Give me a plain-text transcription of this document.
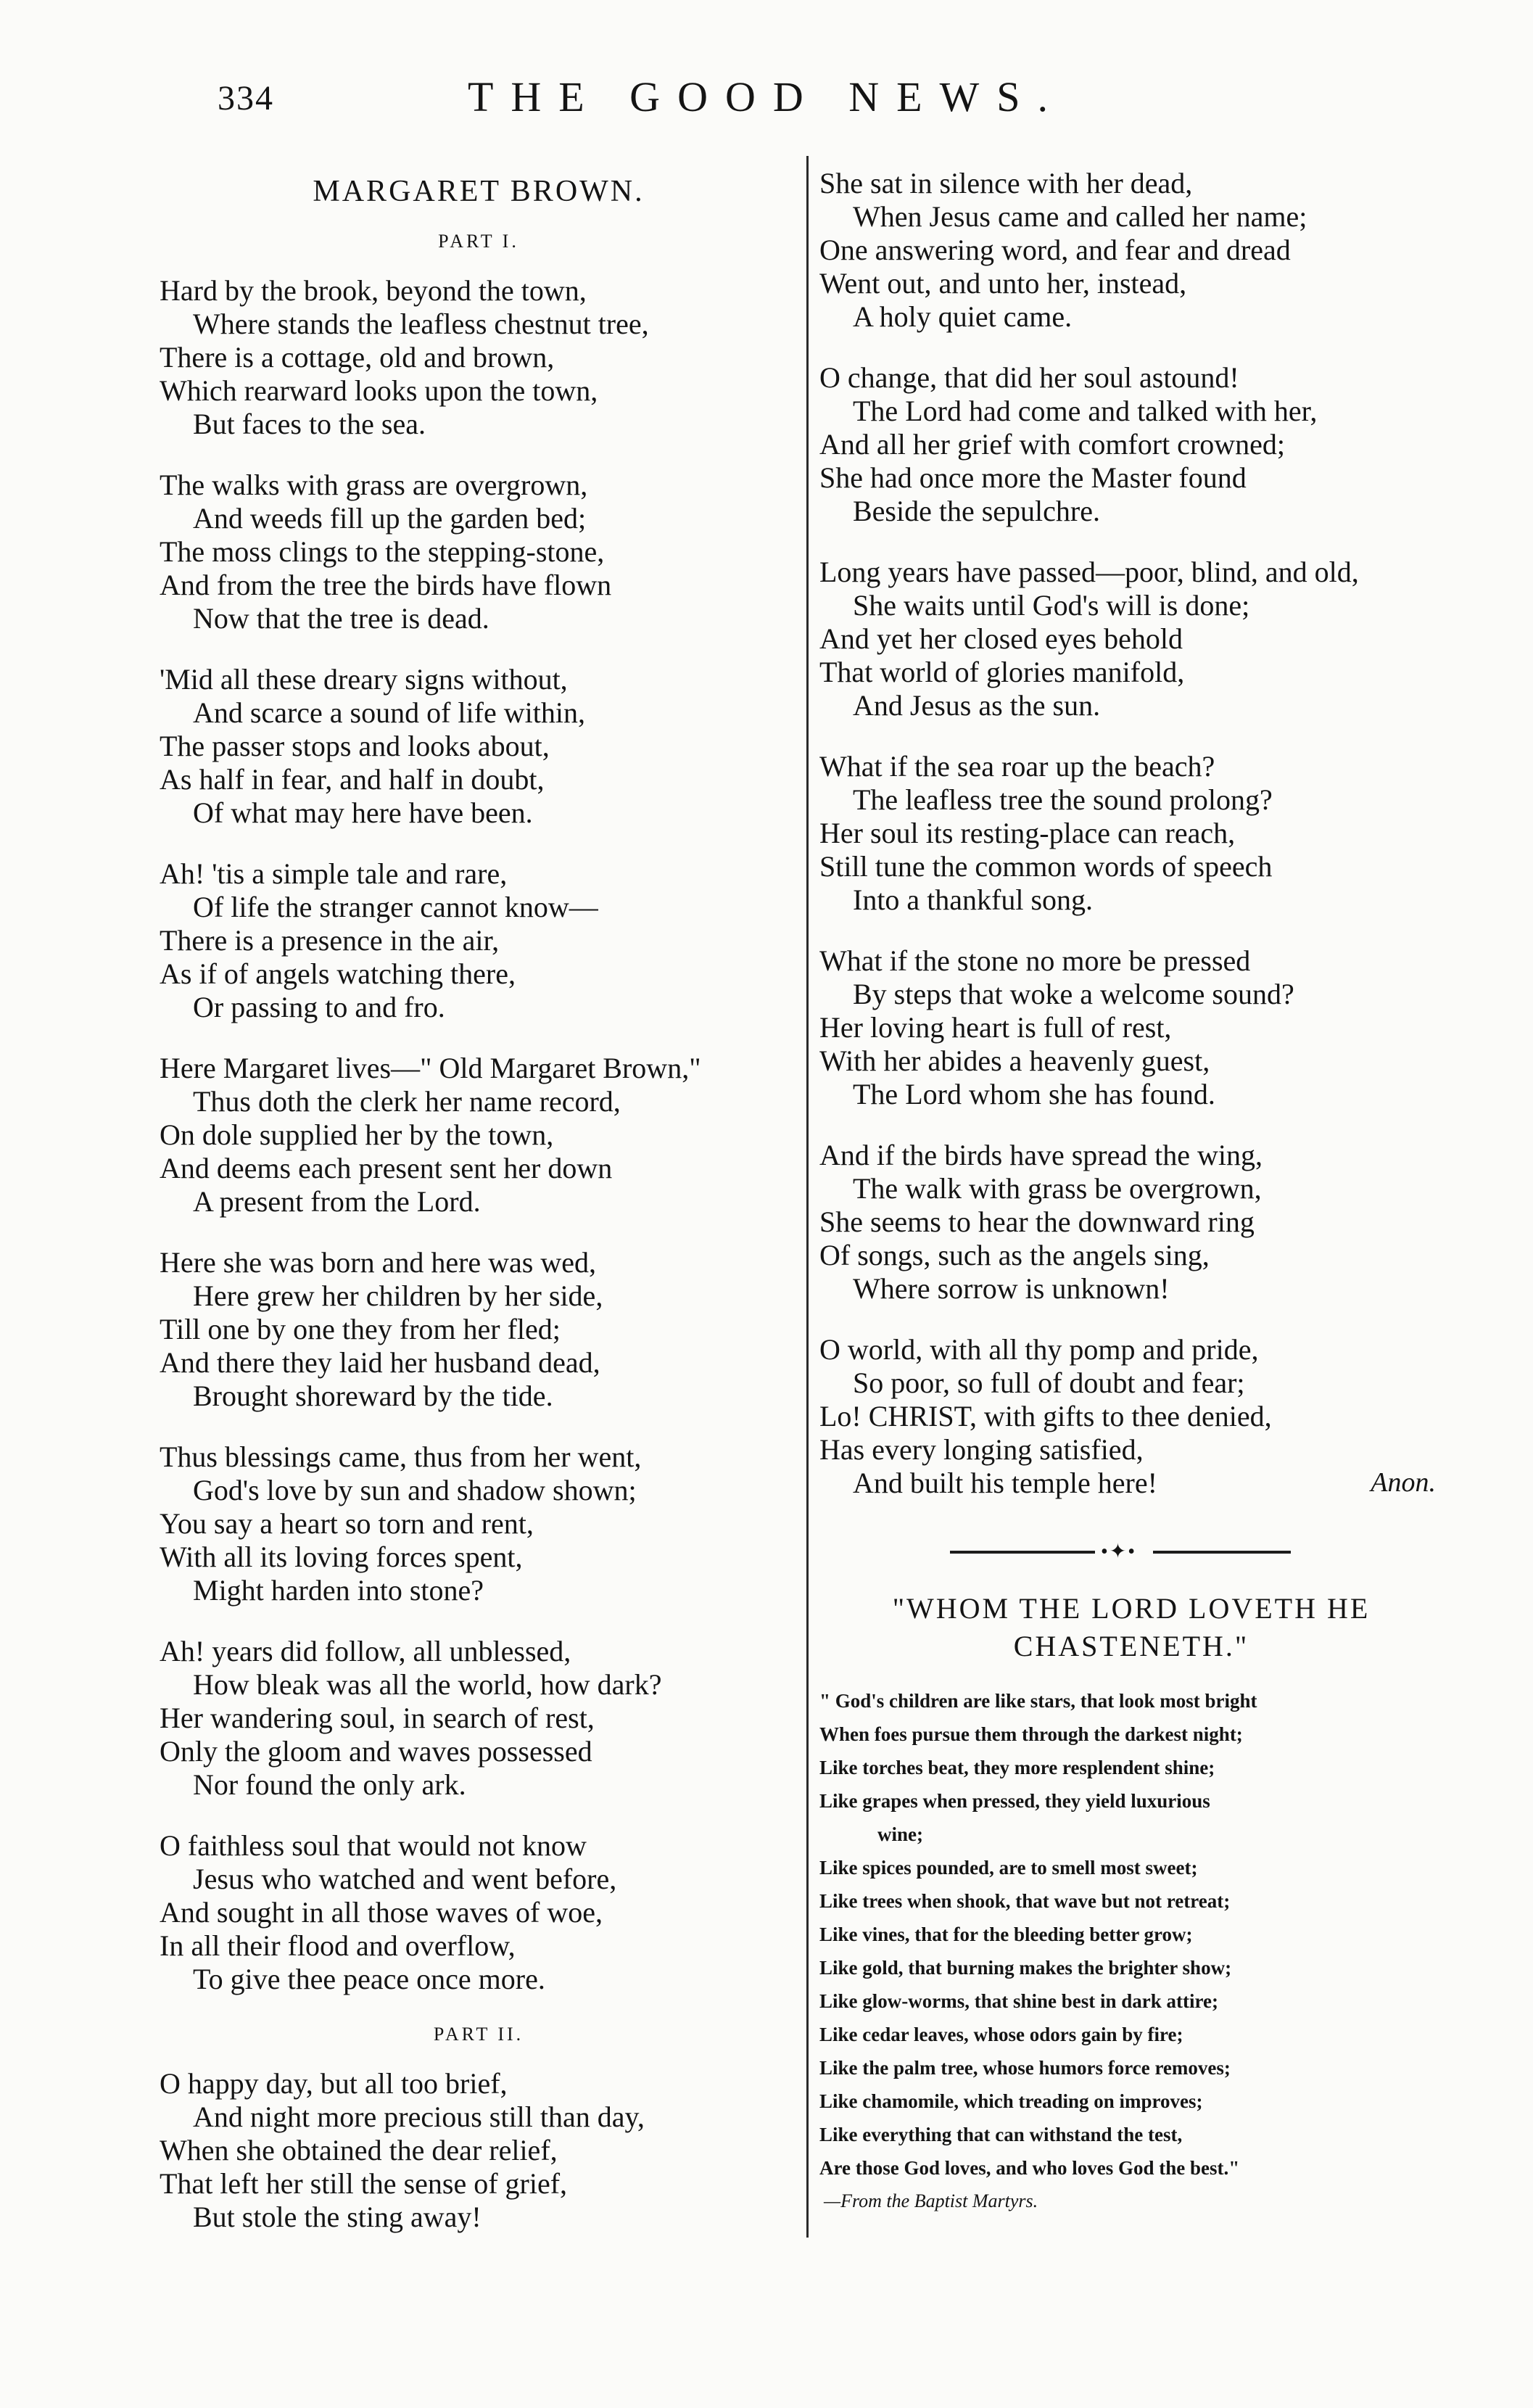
334	THE GOOD NEWS.
MARGARET BROWN.
PART I.
Hard by the brook, beyond the town,
Where stands the leafless chestnut tree,
There is a cottage, old and brown,
Which rearward looks upon the town,
But faces to the sea.
The walks with grass are overgrown,
And weeds fill up the garden bed;
The moss clings to the stepping-stone,
And from the tree the birds have flown
Now that the tree is dead.
'Mid all these dreary signs without,
And scarce a sound of life within,
The passer stops and looks about,
As half in fear, and half in doubt,
Of what may here have been.
Ah! 'tis a simple tale and rare,
Of life the stranger cannot know—
There is a presence in the air,
As if of angels watching there,
Or passing to and fro.
Here Margaret lives—" Old Margaret Brown,"
Thus doth the clerk her name record,
On dole supplied her by the town,
And deems each present sent her down
A present from the Lord.
Here she was born and here was wed,
Here grew her children by her side,
Till one by one they from her fled;
And there they laid her husband dead,
Brought shoreward by the tide.
Thus blessings came, thus from her went,
God's love by sun and shadow shown;
You say a heart so torn and rent,
With all its loving forces spent,
Might harden into stone?
Ah! years did follow, all unblessed,
How bleak was all the world, how dark?
Her wandering soul, in search of rest,
Only the gloom and waves possessed
Nor found the only ark.
O faithless soul that would not know
Jesus who watched and went before,
And sought in all those waves of woe,
In all their flood and overflow,
To give thee peace once more.
PART II.
O happy day, but all too brief,
And night more precious still than day,
When she obtained the dear relief,
That left her still the sense of grief,
But stole the sting away!
She sat in silence with her dead,
When Jesus came and called her name;
One answering word, and fear and dread
Went out, and unto her, instead,
A holy quiet came.
O change, that did her soul astound!
The Lord had come and talked with her,
And all her grief with comfort crowned;
She had once more the Master found
Beside the sepulchre.
Long years have passed—poor, blind, and old,
She waits until God's will is done;
And yet her closed eyes behold
That world of glories manifold,
And Jesus as the sun.
What if the sea roar up the beach?
The leafless tree the sound prolong?
Her soul its resting-place can reach,
Still tune the common words of speech
Into a thankful song.
What if the stone no more be pressed
By steps that woke a welcome sound?
Her loving heart is full of rest,
With her abides a heavenly guest,
The Lord whom she has found.
And if the birds have spread the wing,
The walk with grass be overgrown,
She seems to hear the downward ring
Of songs, such as the angels sing,
Where sorrow is unknown!
O world, with all thy pomp and pride,
So poor, so full of doubt and fear;
Lo! CHRIST, with gifts to thee denied,
Has every longing satisfied,
And built his temple here!	Anon.
•✦•
"WHOM THE LORD LOVETH HE
CHASTENETH."
" God's children are like stars, that look most bright
When foes pursue them through the darkest night;
Like torches beat, they more resplendent shine;
Like grapes when pressed, they yield luxurious
wine;
Like spices pounded, are to smell most sweet;
Like trees when shook, that wave but not retreat;
Like vines, that for the bleeding better grow;
Like gold, that burning makes the brighter show;
Like glow-worms, that shine best in dark attire;
Like cedar leaves, whose odors gain by fire;
Like the palm tree, whose humors force removes;
Like chamomile, which treading on improves;
Like everything that can withstand the test,
Are those God loves, and who loves God the best."
—From the Baptist Martyrs.
